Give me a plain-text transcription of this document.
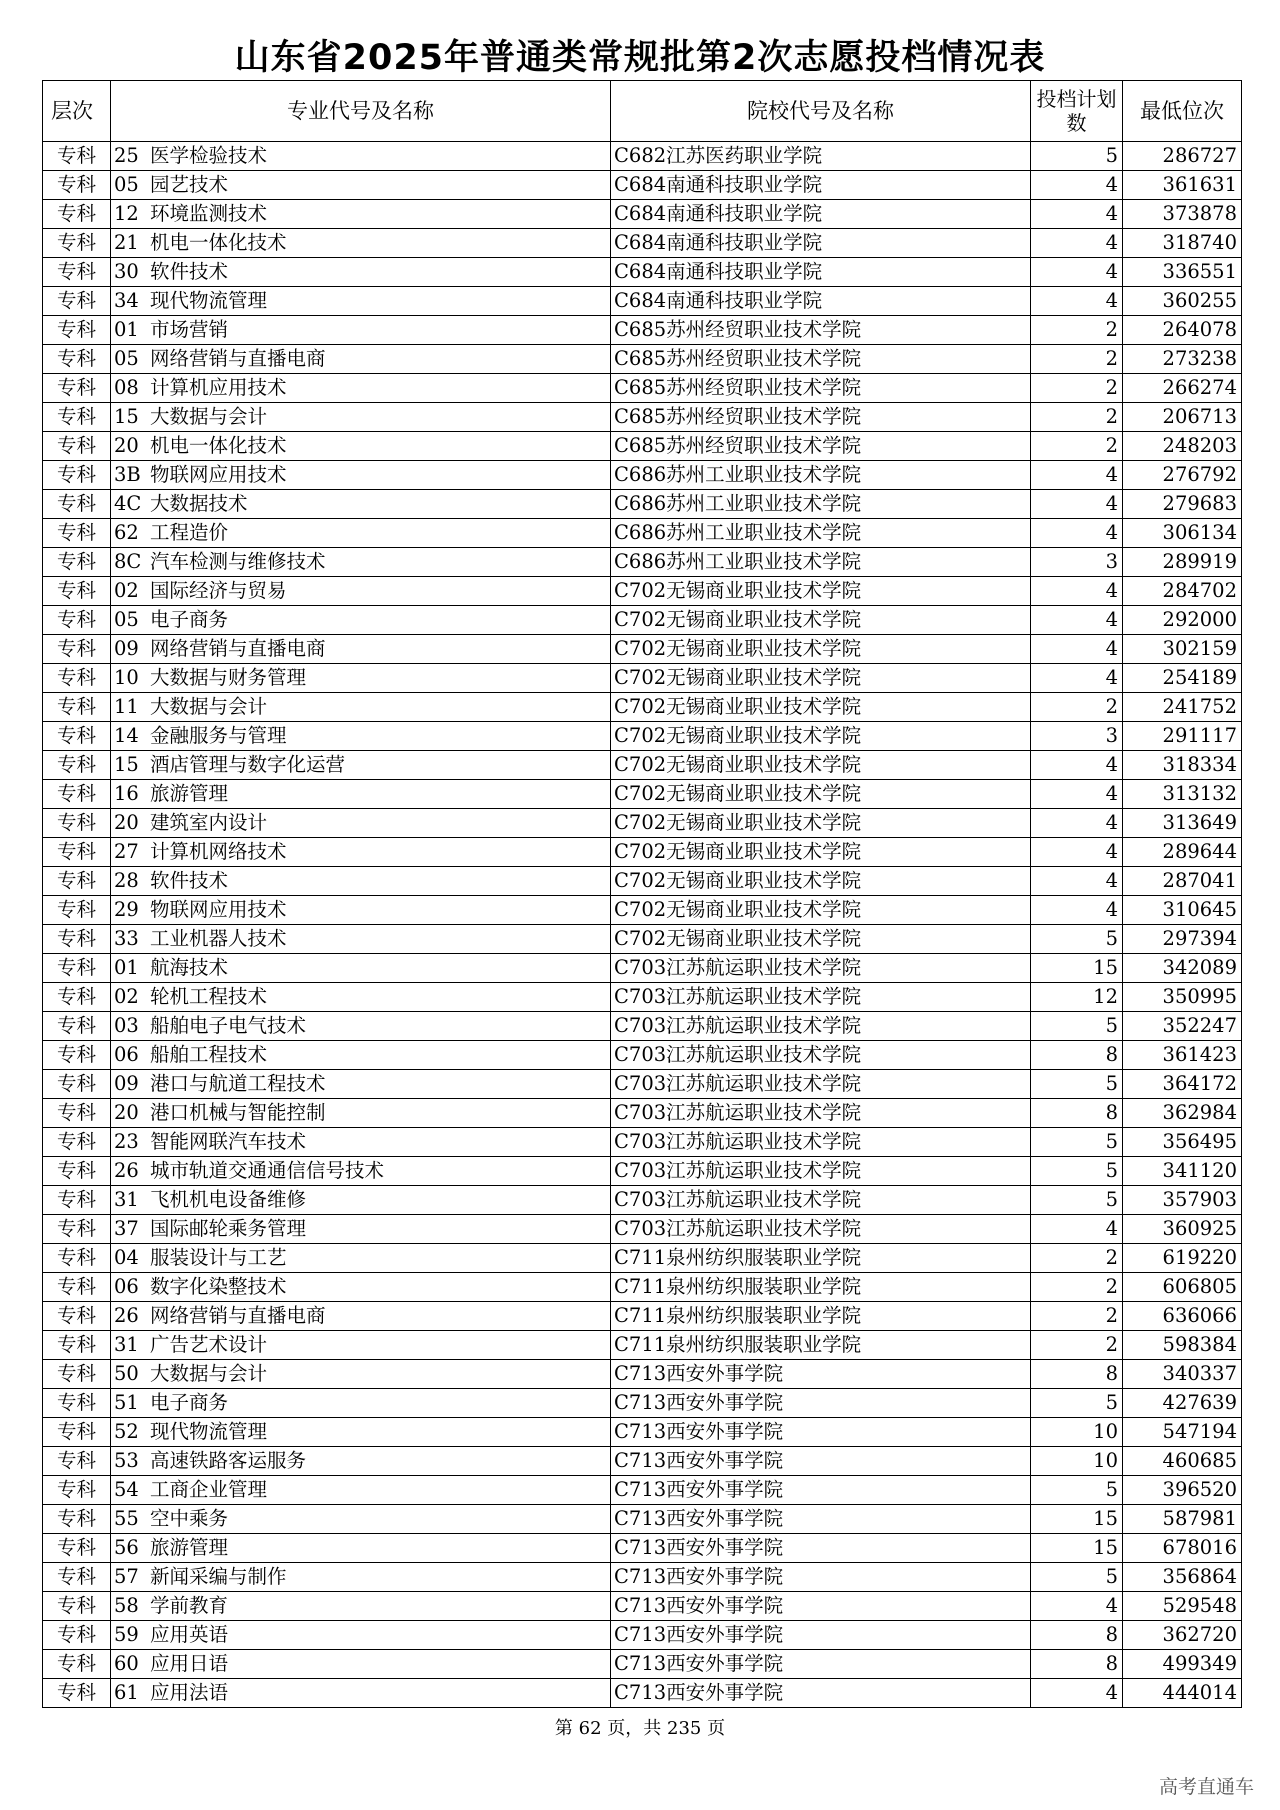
山东省2025年普通类常规批第2次志愿投档情况表
层次	专业代号及名称	院校代号及名称	投档计划数	最低位次
专科	25 医学检验技术	C682江苏医药职业学院	5	286727
专科	05 园艺技术	C684南通科技职业学院	4	361631
专科	12 环境监测技术	C684南通科技职业学院	4	373878
专科	21 机电一体化技术	C684南通科技职业学院	4	318740
专科	30 软件技术	C684南通科技职业学院	4	336551
专科	34 现代物流管理	C684南通科技职业学院	4	360255
专科	01 市场营销	C685苏州经贸职业技术学院	2	264078
专科	05 网络营销与直播电商	C685苏州经贸职业技术学院	2	273238
专科	08 计算机应用技术	C685苏州经贸职业技术学院	2	266274
专科	15 大数据与会计	C685苏州经贸职业技术学院	2	206713
专科	20 机电一体化技术	C685苏州经贸职业技术学院	2	248203
专科	3B 物联网应用技术	C686苏州工业职业技术学院	4	276792
专科	4C 大数据技术	C686苏州工业职业技术学院	4	279683
专科	62 工程造价	C686苏州工业职业技术学院	4	306134
专科	8C 汽车检测与维修技术	C686苏州工业职业技术学院	3	289919
专科	02 国际经济与贸易	C702无锡商业职业技术学院	4	284702
专科	05 电子商务	C702无锡商业职业技术学院	4	292000
专科	09 网络营销与直播电商	C702无锡商业职业技术学院	4	302159
专科	10 大数据与财务管理	C702无锡商业职业技术学院	4	254189
专科	11 大数据与会计	C702无锡商业职业技术学院	2	241752
专科	14 金融服务与管理	C702无锡商业职业技术学院	3	291117
专科	15 酒店管理与数字化运营	C702无锡商业职业技术学院	4	318334
专科	16 旅游管理	C702无锡商业职业技术学院	4	313132
专科	20 建筑室内设计	C702无锡商业职业技术学院	4	313649
专科	27 计算机网络技术	C702无锡商业职业技术学院	4	289644
专科	28 软件技术	C702无锡商业职业技术学院	4	287041
专科	29 物联网应用技术	C702无锡商业职业技术学院	4	310645
专科	33 工业机器人技术	C702无锡商业职业技术学院	5	297394
专科	01 航海技术	C703江苏航运职业技术学院	15	342089
专科	02 轮机工程技术	C703江苏航运职业技术学院	12	350995
专科	03 船舶电子电气技术	C703江苏航运职业技术学院	5	352247
专科	06 船舶工程技术	C703江苏航运职业技术学院	8	361423
专科	09 港口与航道工程技术	C703江苏航运职业技术学院	5	364172
专科	20 港口机械与智能控制	C703江苏航运职业技术学院	8	362984
专科	23 智能网联汽车技术	C703江苏航运职业技术学院	5	356495
专科	26 城市轨道交通通信信号技术	C703江苏航运职业技术学院	5	341120
专科	31 飞机机电设备维修	C703江苏航运职业技术学院	5	357903
专科	37 国际邮轮乘务管理	C703江苏航运职业技术学院	4	360925
专科	04 服装设计与工艺	C711泉州纺织服装职业学院	2	619220
专科	06 数字化染整技术	C711泉州纺织服装职业学院	2	606805
专科	26 网络营销与直播电商	C711泉州纺织服装职业学院	2	636066
专科	31 广告艺术设计	C711泉州纺织服装职业学院	2	598384
专科	50 大数据与会计	C713西安外事学院	8	340337
专科	51 电子商务	C713西安外事学院	5	427639
专科	52 现代物流管理	C713西安外事学院	10	547194
专科	53 高速铁路客运服务	C713西安外事学院	10	460685
专科	54 工商企业管理	C713西安外事学院	5	396520
专科	55 空中乘务	C713西安外事学院	15	587981
专科	56 旅游管理	C713西安外事学院	15	678016
专科	57 新闻采编与制作	C713西安外事学院	5	356864
专科	58 学前教育	C713西安外事学院	4	529548
专科	59 应用英语	C713西安外事学院	8	362720
专科	60 应用日语	C713西安外事学院	8	499349
专科	61 应用法语	C713西安外事学院	4	444014
第 62 页，共 235 页
高考直通车
